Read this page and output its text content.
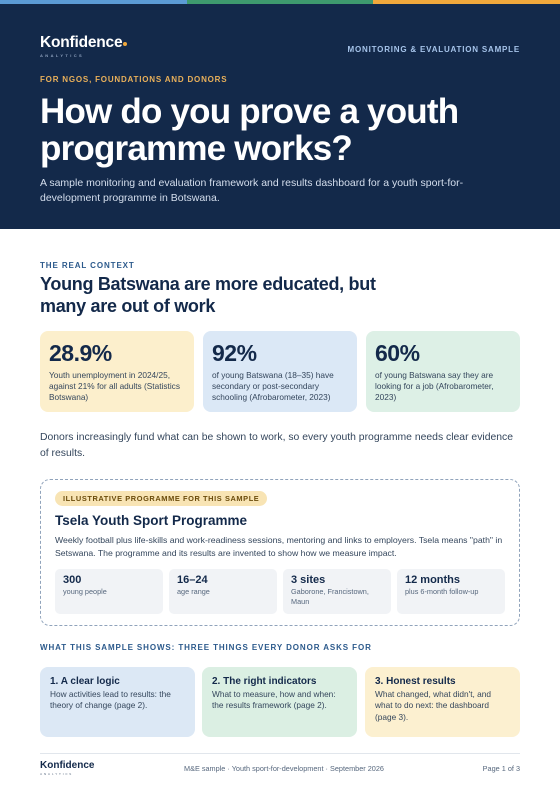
Konfidence
ANALYTICS
MONITORING & EVALUATION SAMPLE
FOR NGOS, FOUNDATIONS AND DONORS
How do you prove a youth programme works?

A sample monitoring and evaluation framework and results dashboard for a youth sport-for-development programme in Botswana.

THE REAL CONTEXT
Young Batswana are more educated, but many are out of work
28.9%
Youth unemployment in 2024/25, against 21% for all adults (Statistics Botswana)
92%
of young Batswana (18–35) have secondary or post-secondary schooling (Afrobarometer, 2023)
60%
of young Batswana say they are looking for a job (Afrobarometer, 2023)

Donors increasingly fund what can be shown to work, so every youth programme needs clear evidence of results.

ILLUSTRATIVE PROGRAMME FOR THIS SAMPLE
Tsela Youth Sport Programme

Weekly football plus life-skills and work-readiness sessions, mentoring and links to employers. Tsela means "path" in Setswana. The programme and its results are invented to show how we measure impact.

300
young people
16–24
age range
3 sites
Gaborone, Francistown, Maun
12 months
plus 6-month follow-up
WHAT THIS SAMPLE SHOWS: THREE THINGS EVERY DONOR ASKS FOR
1. A clear logic
How activities lead to results: the theory of change (page 2).
2. The right indicators
What to measure, how and when: the results framework (page 2).
3. Honest results
What changed, what didn't, and what to do next: the dashboard (page 3).
Konfidence
ANALYTICS
M&E sample · Youth sport-for-development · September 2026	Page 1 of 3
